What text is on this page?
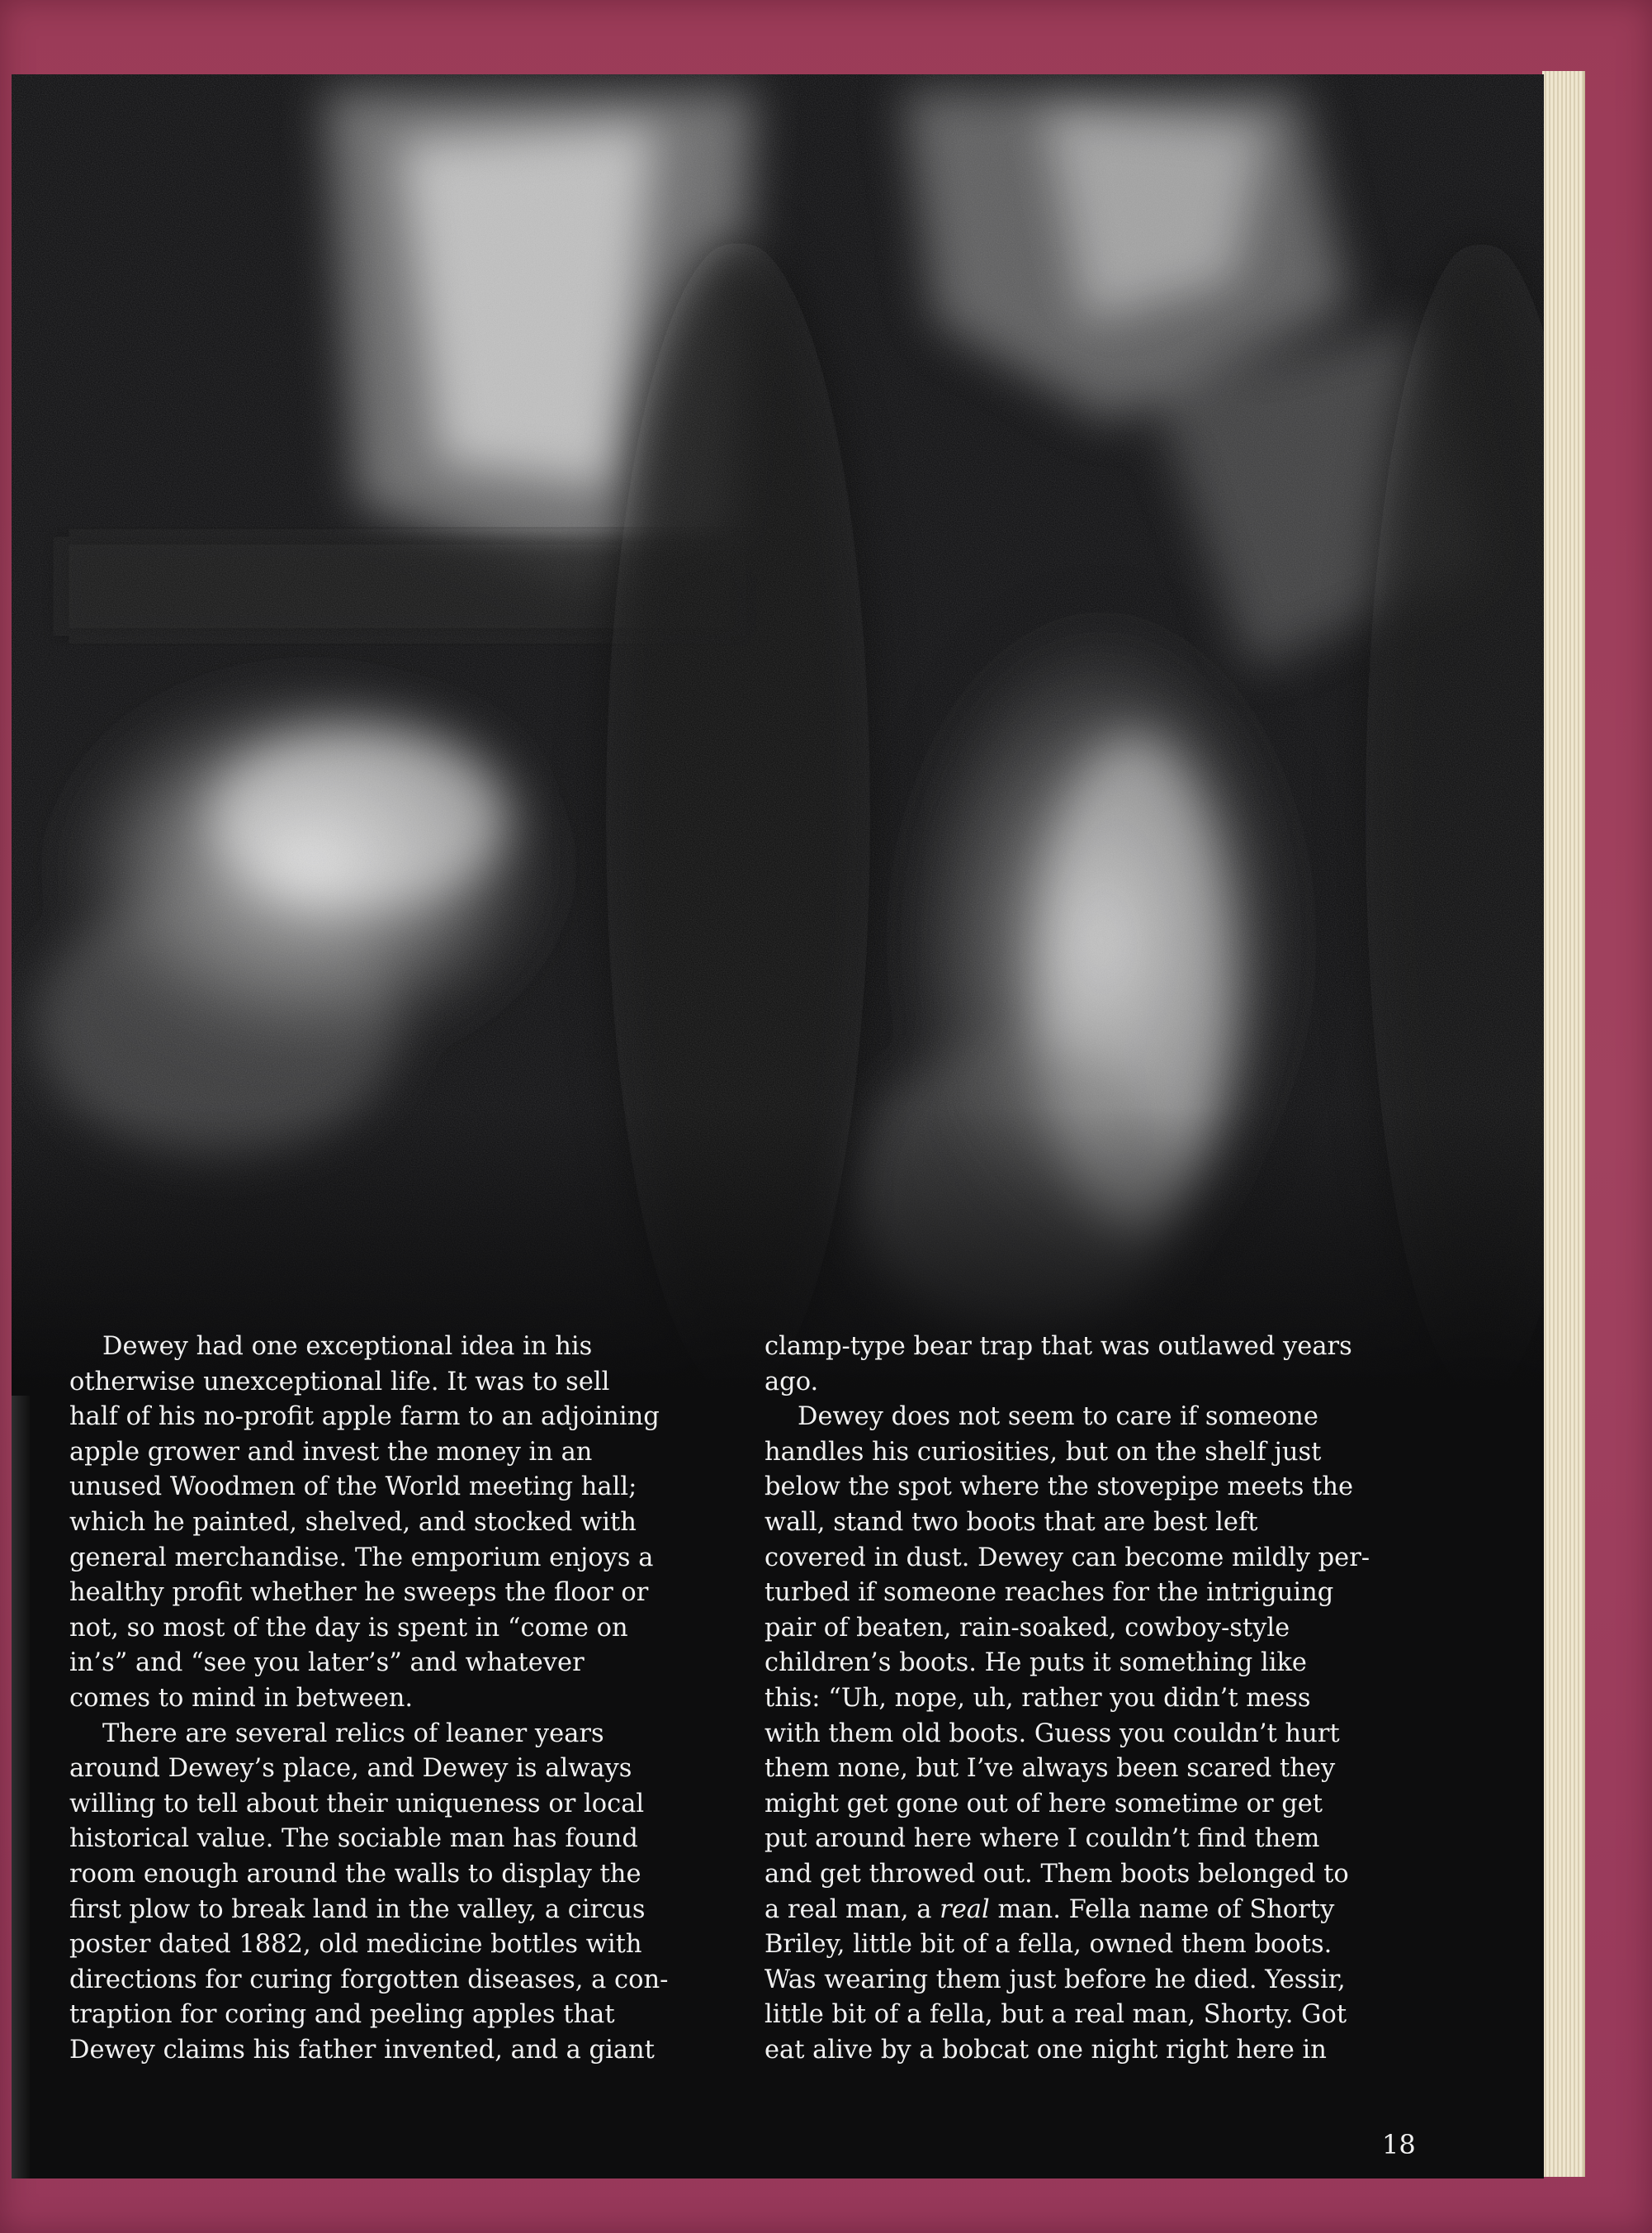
Dewey had one exceptional idea in his
otherwise unexceptional life. It was to sell
half of his no-profit apple farm to an adjoining
apple grower and invest the money in an
unused Woodmen of the World meeting hall;
which he painted, shelved, and stocked with
general merchandise. The emporium enjoys a
healthy profit whether he sweeps the floor or
not, so most of the day is spent in “come on
in’s” and “see you later’s” and whatever
comes to mind in between.

There are several relics of leaner years
around Dewey’s place, and Dewey is always
willing to tell about their uniqueness or local
historical value. The sociable man has found
room enough around the walls to display the
first plow to break land in the valley, a circus
poster dated 1882, old medicine bottles with
directions for curing forgotten diseases, a con-
traption for coring and peeling apples that
Dewey claims his father invented, and a giant

clamp-type bear trap that was outlawed years
ago.

Dewey does not seem to care if someone
handles his curiosities, but on the shelf just
below the spot where the stovepipe meets the
wall, stand two boots that are best left
covered in dust. Dewey can become mildly per-
turbed if someone reaches for the intriguing
pair of beaten, rain-soaked, cowboy-style
children’s boots. He puts it something like
this: “Uh, nope, uh, rather you didn’t mess
with them old boots. Guess you couldn’t hurt
them none, but I’ve always been scared they
might get gone out of here sometime or get
put around here where I couldn’t find them
and get throwed out. Them boots belonged to
a real man, a real man. Fella name of Shorty
Briley, little bit of a fella, owned them boots.
Was wearing them just before he died. Yessir,
little bit of a fella, but a real man, Shorty. Got
eat alive by a bobcat one night right here in

18
